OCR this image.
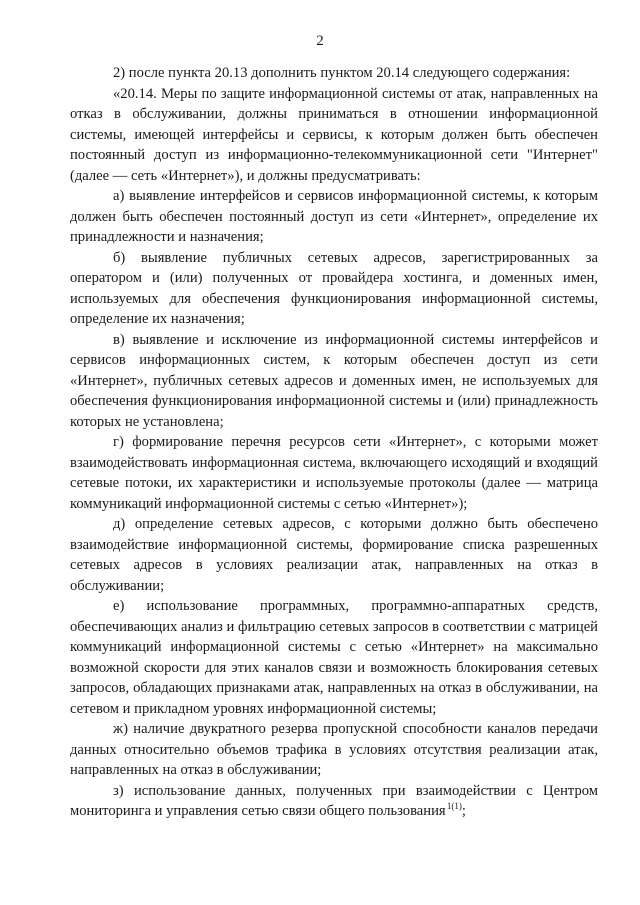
2

2) после пункта 20.13 дополнить пунктом 20.14 следующего содержания:

«20.14. Меры по защите информационной системы от атак, направленных на отказ в обслуживании, должны приниматься в отношении информационной системы, имеющей интерфейсы и сервисы, к которым должен быть обеспечен постоянный доступ из информационно-телекоммуникационной сети "Интернет" (далее — сеть «Интернет»), и должны предусматривать:

а) выявление интерфейсов и сервисов информационной системы, к которым должен быть обеспечен постоянный доступ из сети «Интернет», определение их принадлежности и назначения;

б) выявление публичных сетевых адресов, зарегистрированных за оператором и (или) полученных от провайдера хостинга, и доменных имен, используемых для обеспечения функционирования информационной системы, определение их назначения;

в) выявление и исключение из информационной системы интерфейсов и сервисов информационных систем, к которым обеспечен доступ из сети «Интернет», публичных сетевых адресов и доменных имен, не используемых для обеспечения функционирования информационной системы и (или) принадлежность которых не установлена;

г) формирование перечня ресурсов сети «Интернет», с которыми может взаимодействовать информационная система, включающего исходящий и входящий сетевые потоки, их характеристики и используемые протоколы (далее — матрица коммуникаций информационной системы с сетью «Интернет»);

д) определение сетевых адресов, с которыми должно быть обеспечено взаимодействие информационной системы, формирование списка разрешенных сетевых адресов в условиях реализации атак, направленных на отказ в обслуживании;

е) использование программных, программно-аппаратных средств, обеспечивающих анализ и фильтрацию сетевых запросов в соответствии с матрицей коммуникаций информационной системы с сетью «Интернет» на максимально возможной скорости для этих каналов связи и возможность блокирования сетевых запросов, обладающих признаками атак, направленных на отказ в обслуживании, на сетевом и прикладном уровнях информационной системы;

ж) наличие двукратного резерва пропускной способности каналов передачи данных относительно объемов трафика в условиях отсутствия реализации атак, направленных на отказ в обслуживании;

з) использование данных, полученных при взаимодействии с Центром мониторинга и управления сетью связи общего пользования $^{1(1)}$;
